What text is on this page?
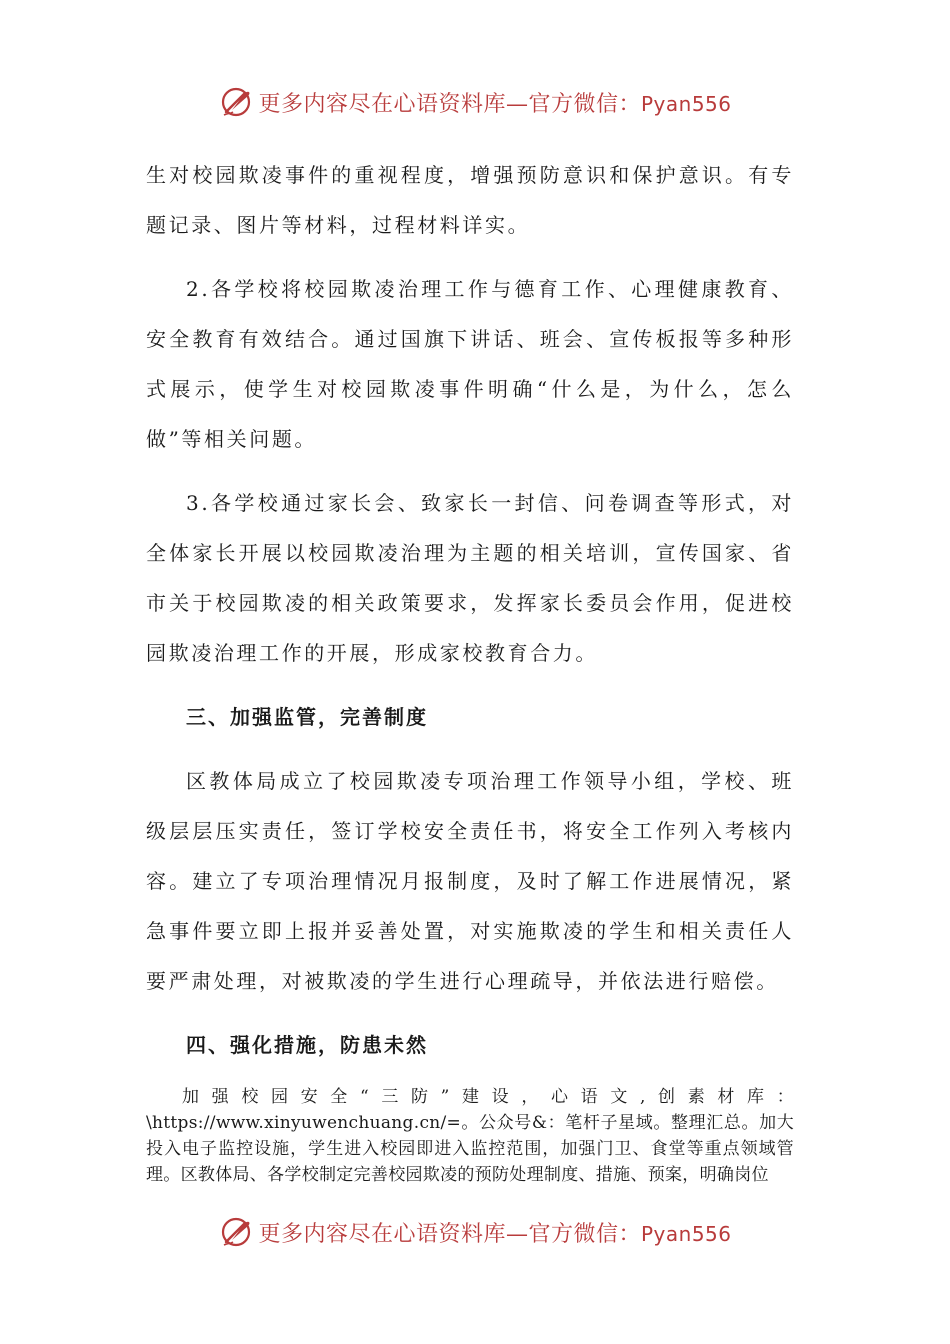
更多内容尽在心语资料库—官方微信：Pyan556

生对校园欺凌事件的重视程度，增强预防意识和保护意识。有专题记录、图片等材料，过程材料详实。

2.各学校将校园欺凌治理工作与德育工作、心理健康教育、安全教育有效结合。通过国旗下讲话、班会、宣传板报等多种形式展示，使学生对校园欺凌事件明确“什么是，为什么，怎么做”等相关问题。

3.各学校通过家长会、致家长一封信、问卷调查等形式，对全体家长开展以校园欺凌治理为主题的相关培训，宣传国家、省市关于校园欺凌的相关政策要求，发挥家长委员会作用，促进校园欺凌治理工作的开展，形成家校教育合力。

三、加强监管，完善制度

区教体局成立了校园欺凌专项治理工作领导小组，学校、班级层层压实责任，签订学校安全责任书，将安全工作列入考核内容。建立了专项治理情况月报制度，及时了解工作进展情况，紧急事件要立即上报并妥善处置，对实施欺凌的学生和相关责任人要严肃处理，对被欺凌的学生进行心理疏导，并依法进行赔偿。

四、强化措施，防患未然

加强校园安全“三防”建设，心语文,创素材库：\https://www.xinyuwenchuang.cn/=。公众号&：笔杆子星域。整理汇总。加大投入电子监控设施，学生进入校园即进入监控范围，加强门卫、食堂等重点领域管理。区教体局、各学校制定完善校园欺凌的预防处理制度、措施、预案，明确岗位

更多内容尽在心语资料库—官方微信：Pyan556
